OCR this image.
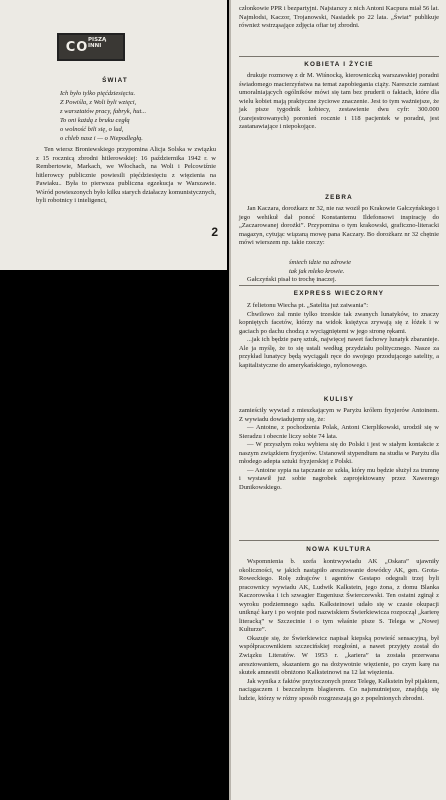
CO PISZĄ
INNI

ŚWIAT

Ich było tylko pięćdziesięciu.
Z Powiśla, z Woli byli wzięci,
z warsztatów pracy, fabryk, hut...
To oni każdą z bruku cegłą
o wolność bili się, o lud,
o chleb nasz i — o Niepodległą.

Ten wiersz Broniewskiego przypomina Alicja Solska w związku z 15 rocznicą zbrodni hitlerowskiej: 16 października 1942 r. w Rembertowie, Markach, we Włochach, na Woli i Pelcowiźnie hitlerowcy publicznie powiesili pięćdziesięciu z więzienia na Pawiaku.. Była to pierwsza publiczna egzekucja w Warszawie. Wśród powieszonych było kilku starych działaczy komunistycznych, byli robotnicy i inteligenci,

2

członkowie PPR i bezpartyjni. Najstarszy z nich Antoni Kacpura miał 56 lat. Najmłodsi, Kaczor, Trojanowski, Nasiadek po 22 lata. „Świat” publikuje również wstrząsające zdjęcia ofiar tej zbrodni.

KOBIETA I ŻYCIE

drukuje rozmowę z dr M. Wiśnocką, kierowniczką warszawskiej poradni świadomego macierzyństwa na temat zapobiegania ciąży. Nareszcie zamiast umoralniających ogólników mówi się tam bez pruderii o faktach, które dla wielu kobiet mają praktyczne życiowe znaczenie. Jest to tym ważniejsze, że jak pisze tygodnik kobiecy, zestawienie dwu cyfr: 300.000 (zarejestrowanych) poronień rocznie i 118 pacjentek w poradni, jest zastanawiające i niepokojące.

ZEBRA

Jan Kaczara, dorożkarz nr 32, nie raz woził po Krakowie Gałczyńskiego i jego wehikuł dał ponoć Konstantemu Ildefonsowi inspirację do „Zaczarowanej dorożki”. Przypomina o tym krakowski, graficzno-literacki magazyn, cytując wiązaną mowę pana Kaczary. Bo dorożkarz nr 32 chętnie mówi wierszem np. takie rzeczy:

śmiech idzie na zdrowie
tak jak mleko krowie.

Gałczyński pisał to trochę inaczej.

EXPRESS WIECZORNY

Z felietonu Wiecha pt. „Satelita już zaiwania”:

Chwilowo żal mnie tylko trzeskie tak zwanych lunatyków, to znaczy kopniętych facetów, którzy na widok księżyca zrywają się z łóżek i w gaciach po dachu chodzą z wyciągniętemi w jego stronę rękami.

...jak ich będzie parę sztuk, najwięcej nawet fachowy lunatyk zbaraniejе. Ale ja myślę, że to się ustali według przydziału politycznego. Nasze za przykład lunatycy będą wyciągali ręce do swojego przodującego satelity, a kapitalistyczne do amerykańskiego, nylonowego.

KULISY

zamieściły wywiad z mieszkającym w Paryżu królem fryzjerów Antoinem. Z wywiadu dowiadujemy się, że:

— Antoine, z pochodzenia Polak, Antoni Cierplikowski, urodził się w Sieradzu i obecnie liczy sobie 74 lata.

— W przyszłym roku wybiera się do Polski i jest w stałym kontakcie z naszym związkiem fryzjerów. Ustanowił stypendium na studia w Paryżu dla młodego adepta sztuki fryzjerskiej z Polski.

— Antoine sypia na tapczanie ze szkła, który mu będzie służył za trumnę i wystawił już sobie nagrobek zaprojektowany przez Xawerego Dunikowskiego.

NOWA KULTURA

Wspomnienia b. szefa kontrwywiadu AK „Oskara” ujawniły okoliczności, w jakich nastąpiło aresztowanie dowódcy AK, gen. Grota-Roweckiego. Rolę zdrajców i agentów Gestapo odegrali trzej byli pracownicy wywiadu AK, Ludwik Kalkstein, jego żona, z domu Blanka Kaczorowska i ich szwagier Eugeniusz Świerczewski. Ten ostatni zginął z wyroku podziemnego sądu. Kalksteinowi udało się w czasie okupacji uniknąć kary i po wojnie pod nazwiskiem Świerkiewicza rozpoczął „karierę literacką” w Szczecinie i o tym właśnie pisze S. Telega w „Nowej Kulturze”.

Okazuje się, że Świerkiewicz napisał kiepską powieść sensacyjną, był współpracownikiem szczecińskiej rozgłośni, a nawet przyjęty został do Związku Literatów. W 1953 r. „kariera” ta została przerwana aresztowaniem, skazaniem go na dożywotnie więzienie, po czym karę na skutek amnestii obniżono Kalksteinowi na 12 lat więzienia.

Jak wynika z faktów przytoczonych przez Telegę, Kalkstein był pijakiem, naciągaczem i bezczelnym blagierem. Co najsmutniejsze, znajdują się ludzie, którzy w różny sposób rozgrzeszają go z popelnionych zbrodni.
